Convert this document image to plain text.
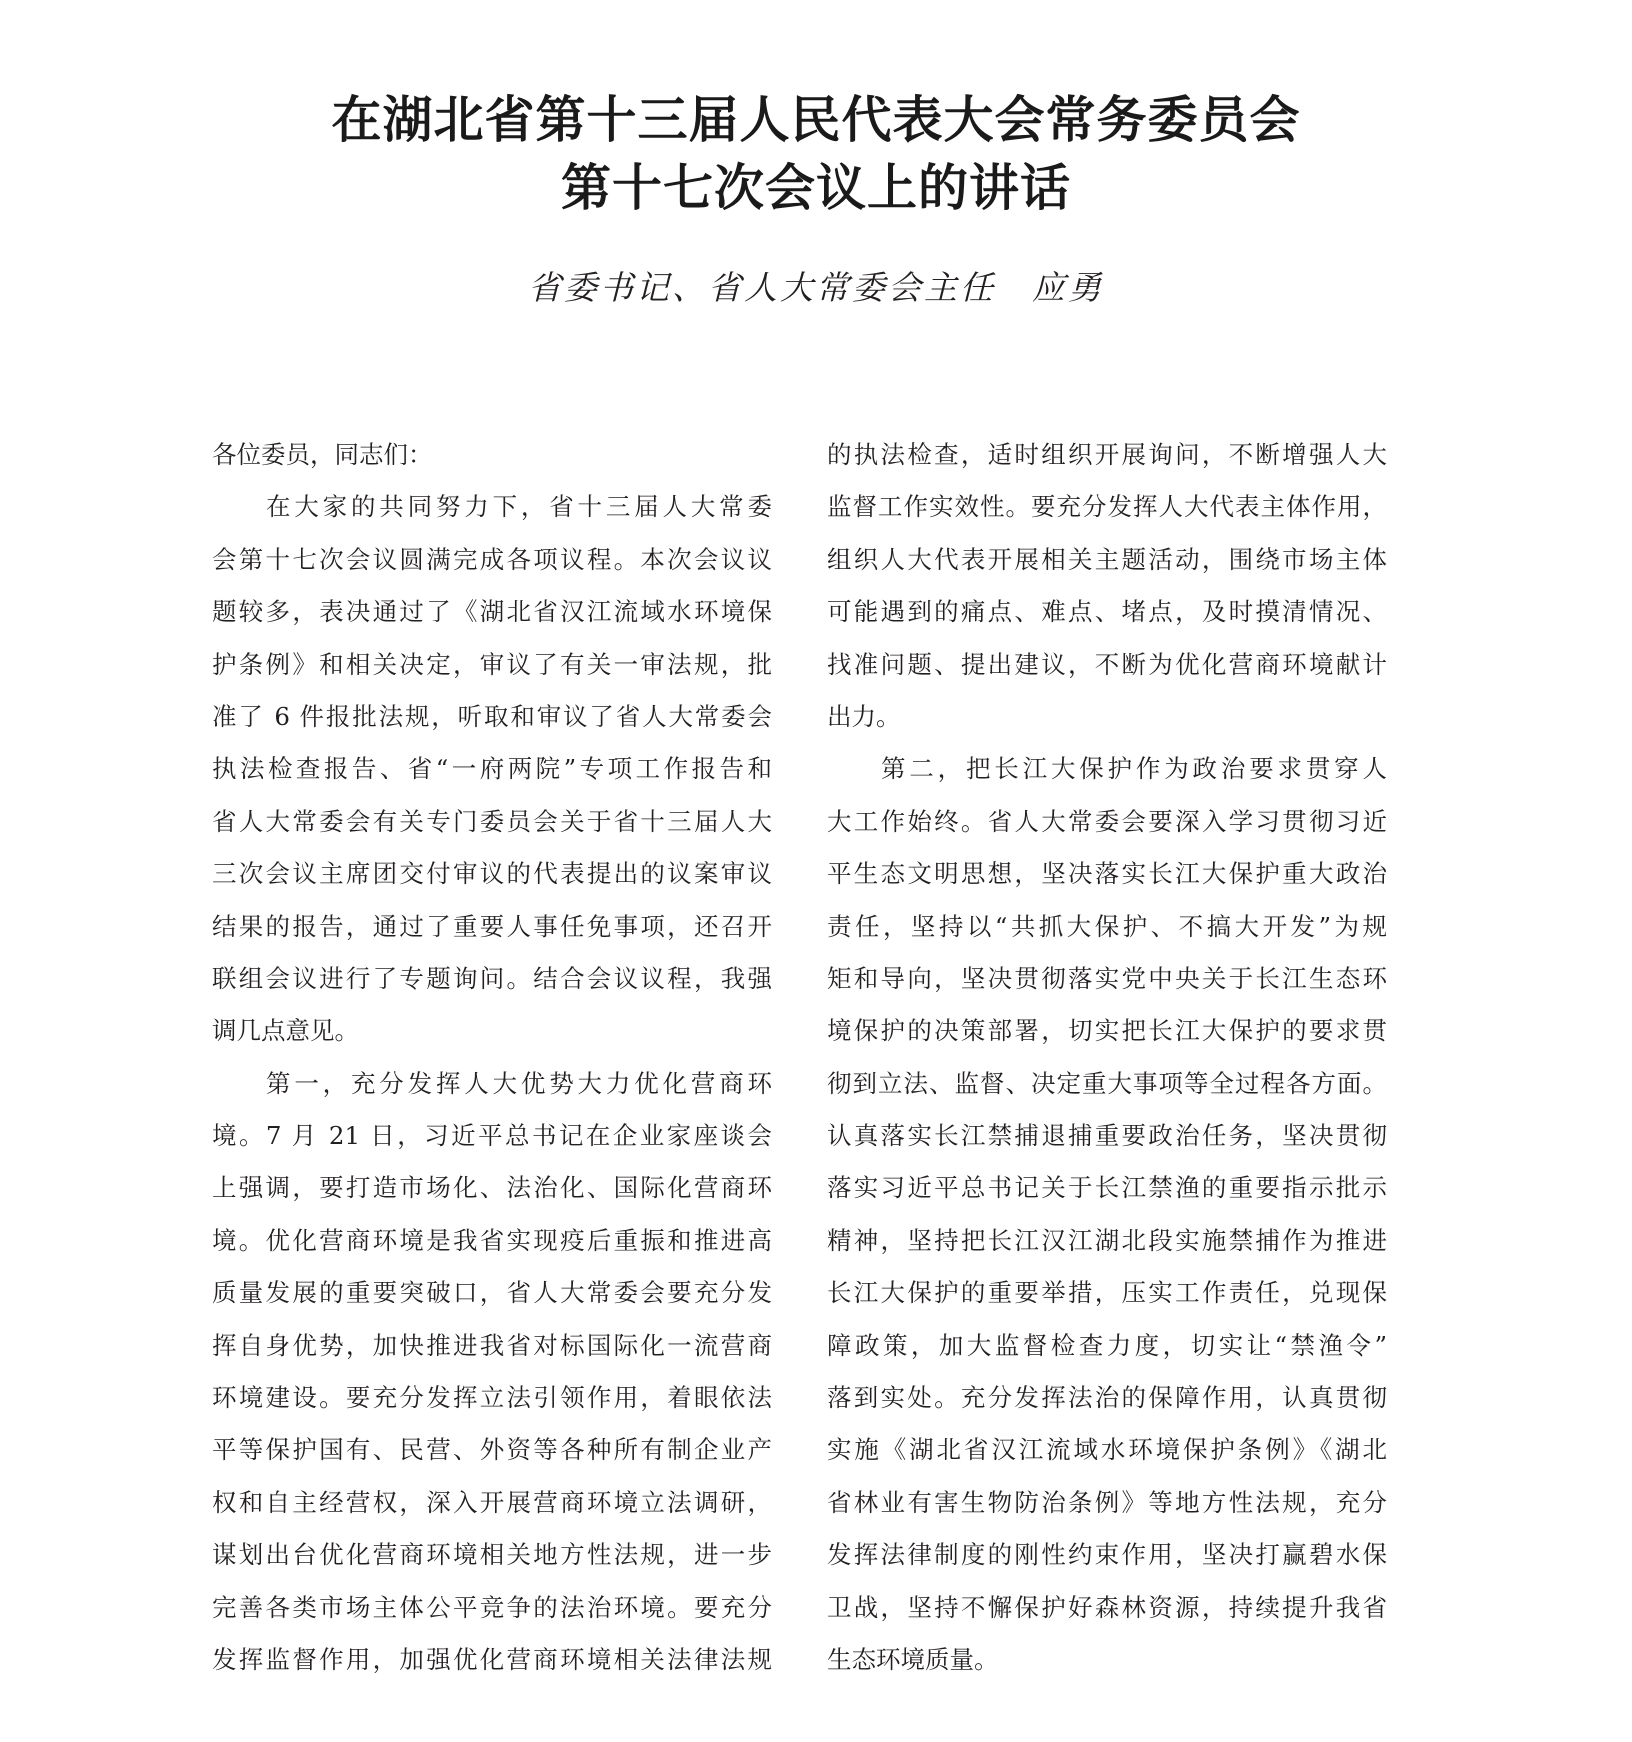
在湖北省第十三届人民代表大会常务委员会
第十七次会议上的讲话
省委书记、省人大常委会主任　应勇
各位委员，同志们：
在大家的共同努力下，省十三届人大常委
会第十七次会议圆满完成各项议程。本次会议议
题较多，表决通过了《湖北省汉江流域水环境保
护条例》和相关决定，审议了有关一审法规，批
准了 6 件报批法规，听取和审议了省人大常委会
执法检查报告、省“一府两院”专项工作报告和
省人大常委会有关专门委员会关于省十三届人大
三次会议主席团交付审议的代表提出的议案审议
结果的报告，通过了重要人事任免事项，还召开
联组会议进行了专题询问。结合会议议程，我强
调几点意见。
第一，充分发挥人大优势大力优化营商环
境。7 月 21 日，习近平总书记在企业家座谈会
上强调，要打造市场化、法治化、国际化营商环
境。优化营商环境是我省实现疫后重振和推进高
质量发展的重要突破口，省人大常委会要充分发
挥自身优势，加快推进我省对标国际化一流营商
环境建设。要充分发挥立法引领作用，着眼依法
平等保护国有、民营、外资等各种所有制企业产
权和自主经营权，深入开展营商环境立法调研，
谋划出台优化营商环境相关地方性法规，进一步
完善各类市场主体公平竞争的法治环境。要充分
发挥监督作用，加强优化营商环境相关法律法规
的执法检查，适时组织开展询问，不断增强人大
监督工作实效性。要充分发挥人大代表主体作用，
组织人大代表开展相关主题活动，围绕市场主体
可能遇到的痛点、难点、堵点，及时摸清情况、
找准问题、提出建议，不断为优化营商环境献计
出力。
第二，把长江大保护作为政治要求贯穿人
大工作始终。省人大常委会要深入学习贯彻习近
平生态文明思想，坚决落实长江大保护重大政治
责任，坚持以“共抓大保护、不搞大开发”为规
矩和导向，坚决贯彻落实党中央关于长江生态环
境保护的决策部署，切实把长江大保护的要求贯
彻到立法、监督、决定重大事项等全过程各方面。
认真落实长江禁捕退捕重要政治任务，坚决贯彻
落实习近平总书记关于长江禁渔的重要指示批示
精神，坚持把长江汉江湖北段实施禁捕作为推进
长江大保护的重要举措，压实工作责任，兑现保
障政策，加大监督检查力度，切实让“禁渔令”
落到实处。充分发挥法治的保障作用，认真贯彻
实施《湖北省汉江流域水环境保护条例》《湖北
省林业有害生物防治条例》等地方性法规，充分
发挥法律制度的刚性约束作用，坚决打赢碧水保
卫战，坚持不懈保护好森林资源，持续提升我省
生态环境质量。
